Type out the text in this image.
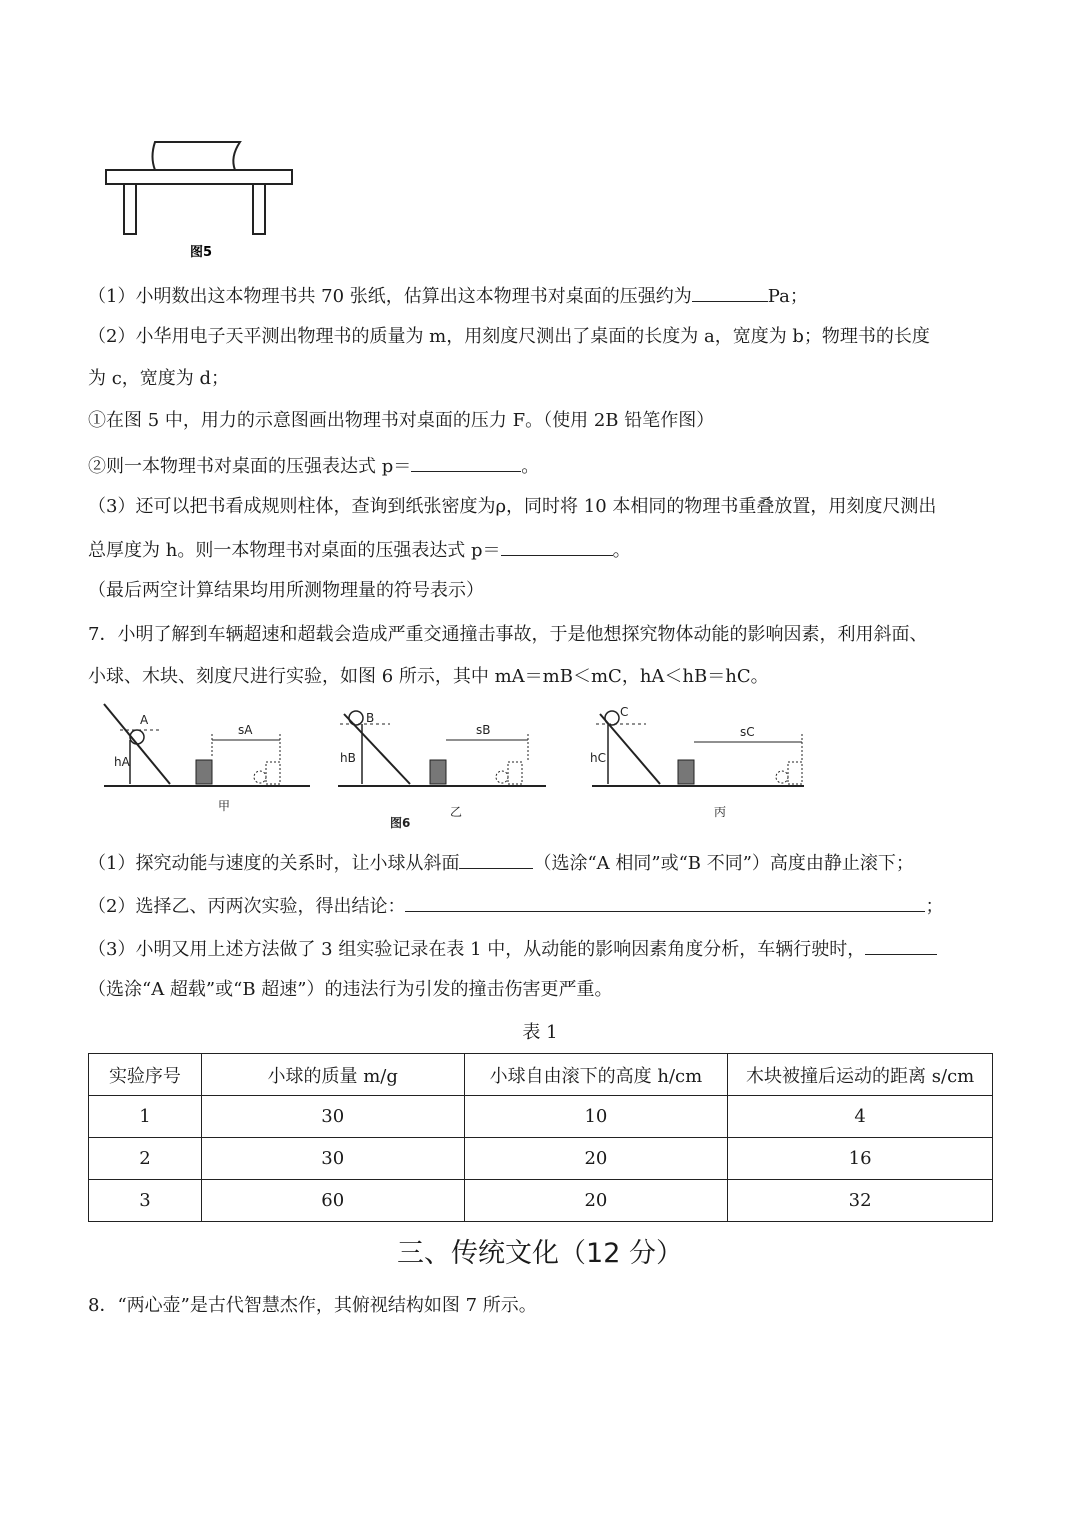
图5
（1）小明数出这本物理书共 70 张纸，估算出这本物理书对桌面的压强约为	Pa；
（2）小华用电子天平测出物理书的质量为 m，用刻度尺测出了桌面的长度为 a，宽度为 b；物理书的长度
为 c，宽度为 d；
①在图 5 中，用力的示意图画出物理书对桌面的压力 F。（使用 2B 铅笔作图）
②则一本物理书对桌面的压强表达式 p＝	。
（3）还可以把书看成规则柱体，查询到纸张密度为ρ，同时将 10 本相同的物理书重叠放置，用刻度尺测出
总厚度为 h。则一本物理书对桌面的压强表达式 p＝	。
（最后两空计算结果均用所测物理量的符号表示）
7．小明了解到车辆超速和超载会造成严重交通撞击事故，于是他想探究物体动能的影响因素，利用斜面、
小球、木块、刻度尺进行实验，如图 6 所示，其中 mA＝mB＜mC，hA＜hB＝hC。
A
hA
sA
甲
B
hB
sB
图6
乙
C
hC
sC
丙
（1）探究动能与速度的关系时，让小球从斜面	（选涂“A 相同”或“B 不同”）高度由静止滚下；
（2）选择乙、丙两次实验，得出结论：	；
（3）小明又用上述方法做了 3 组实验记录在表 1 中，从动能的影响因素角度分析，车辆行驶时，
（选涂“A 超载”或“B 超速”）的违法行为引发的撞击伤害更严重。
表 1
实验序号	小球的质量 m/g	小球自由滚下的高度 h/cm	木块被撞后运动的距离 s/cm
1	30	10	4
2	30	20	16
3	60	20	32
三、传统文化（12 分）
8．“两心壶”是古代智慧杰作，其俯视结构如图 7 所示。
